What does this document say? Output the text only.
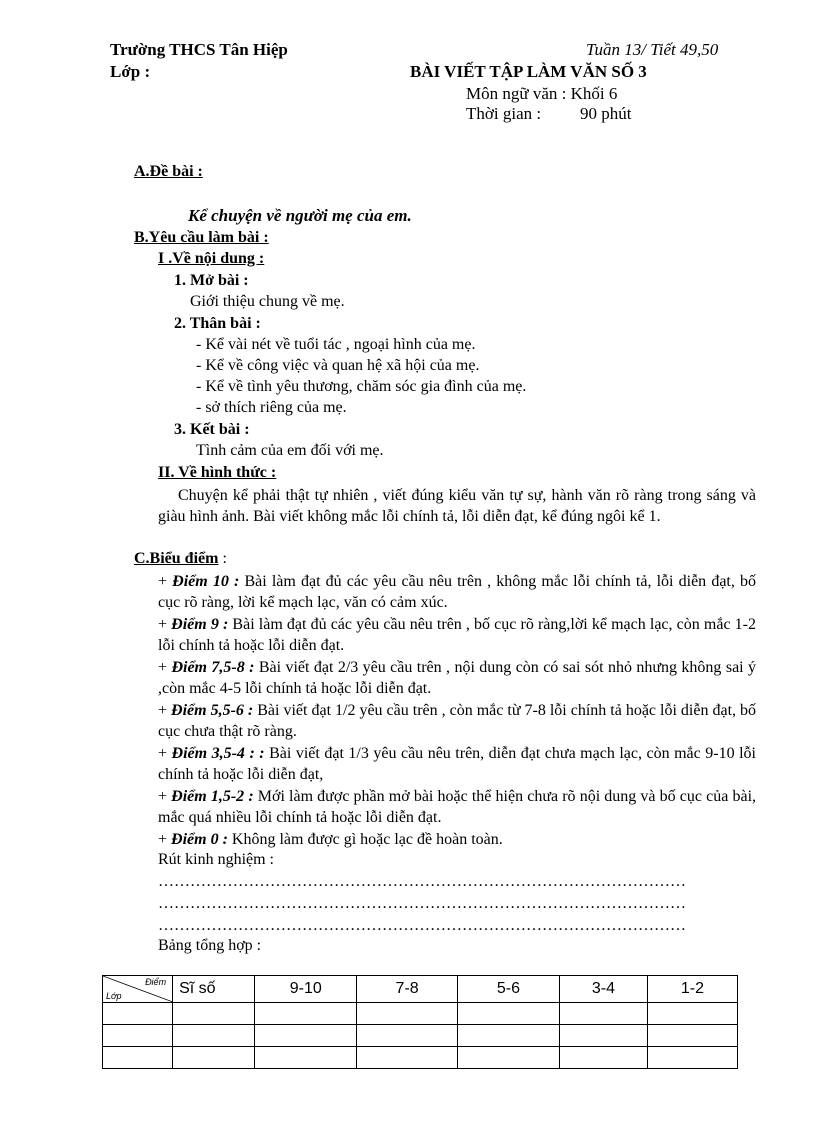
Trường THCS Tân Hiệp
Lớp :
Tuần 13/ Tiết 49,50
BÀI VIẾT TẬP LÀM VĂN SỐ 3
Môn ngữ văn : Khối 6
Thời gian : 90 phút
A.Đề bài :
Kể chuyện về người mẹ của em.
B.Yêu cầu làm bài :
I .Về nội dung :
1. Mở bài :
Giới thiệu chung về mẹ.
2. Thân bài :
- Kể vài nét về tuổi tác , ngoại hình của mẹ.
- Kể về công việc và quan hệ xã hội của mẹ.
- Kể về tình yêu thương, chăm sóc gia đình của mẹ.
- sở thích riêng của mẹ.
3. Kết bài :
Tình cảm của em đối với mẹ.
II. Về hình thức :
Chuyện kể phải thật tự nhiên , viết đúng kiểu văn tự sự, hành văn rõ ràng trong sáng và giàu hình ảnh. Bài viết không mắc lỗi chính tả, lỗi diễn đạt, kể đúng ngôi kể 1.
C.Biểu điểm :
+ Điểm 10 : Bài làm đạt đủ các yêu cầu nêu trên , không mắc lỗi chính tả, lỗi diễn đạt, bố cục rõ ràng, lời kể mạch lạc, văn có cảm xúc.
+ Điểm 9 : Bài làm đạt đủ các yêu cầu nêu trên , bố cục rõ ràng,lời kể mạch lạc, còn mắc 1-2 lỗi chính tả hoặc lỗi diễn đạt.
+ Điểm 7,5-8 : Bài viết đạt 2/3 yêu cầu trên , nội dung còn có sai sót nhỏ nhưng không sai ý ,còn mắc 4-5 lỗi chính tả hoặc lỗi diễn đạt.
+ Điểm 5,5-6 : Bài viết đạt 1/2 yêu cầu trên , còn mắc từ 7-8 lỗi chính tả hoặc lỗi diễn đạt, bố cục chưa thật rõ ràng.
+ Điểm 3,5-4 : : Bài viết đạt 1/3 yêu cầu nêu trên, diễn đạt chưa mạch lạc, còn mắc 9-10 lỗi chính tả hoặc lỗi diễn đạt,
+ Điểm 1,5-2 : Mới làm được phần mở bài hoặc thể hiện chưa rõ nội dung và bố cục của bài, mắc quá nhiều lỗi chính tả hoặc lỗi diễn đạt.
+ Điểm 0 : Không làm được gì hoặc lạc đề hoàn toàn.
Rút kinh nghiệm :
………………………………………………………………………………………
………………………………………………………………………………………
………………………………………………………………………………………
Bảng tổng hợp :
Điểm
Lớp	Sĩ số	9-10	7-8	5-6	3-4	1-2
